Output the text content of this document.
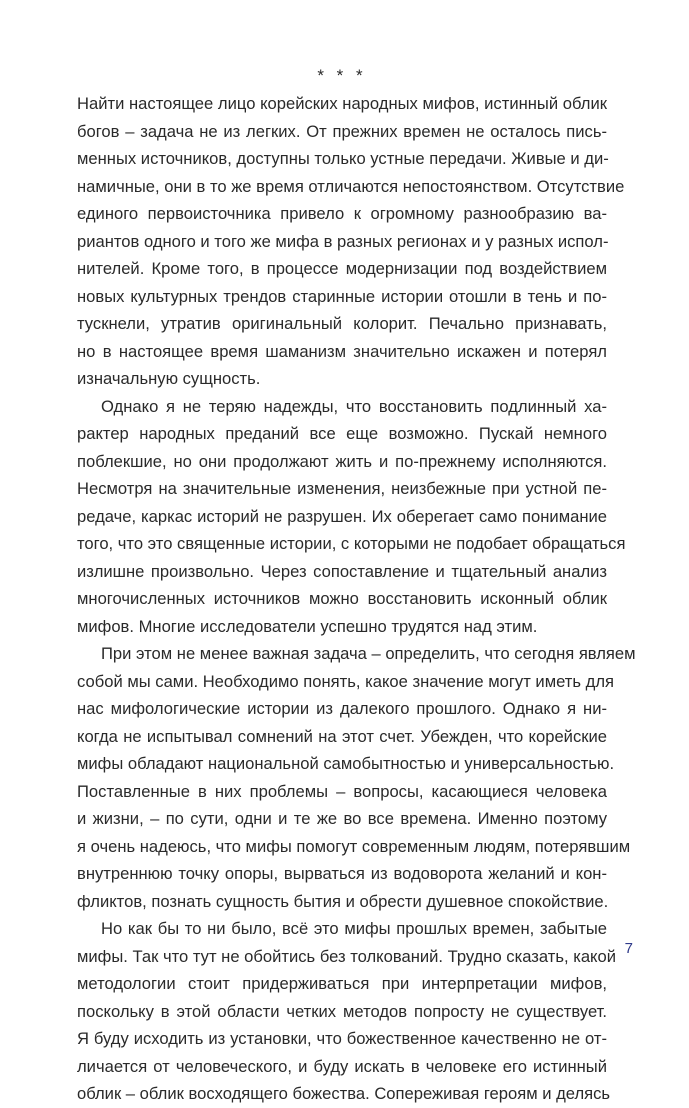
* * *
Найти настоящее лицо корейских народных мифов, истинный облик
богов – задача не из легких. От прежних времен не осталось пись-
менных источников, доступны только устные передачи. Живые и ди-
намичные, они в то же время отличаются непостоянством. Отсутствие
единого первоисточника привело к огромному разнообразию ва-
риантов одного и того же мифа в разных регионах и у разных испол-
нителей. Кроме того, в процессе модернизации под воздействием
новых культурных трендов старинные истории отошли в тень и по-
тускнели, утратив оригинальный колорит. Печально признавать,
но в настоящее время шаманизм значительно искажен и потерял
изначальную сущность.
Однако я не теряю надежды, что восстановить подлинный ха-
рактер народных преданий все еще возможно. Пускай немного
поблекшие, но они продолжают жить и по-прежнему исполняются.
Несмотря на значительные изменения, неизбежные при устной пе-
редаче, каркас историй не разрушен. Их оберегает само понимание
того, что это священные истории, с которыми не подобает обращаться
излишне произвольно. Через сопоставление и тщательный анализ
многочисленных источников можно восстановить исконный облик
мифов. Многие исследователи успешно трудятся над этим.
При этом не менее важная задача – определить, что сегодня являем
собой мы сами. Необходимо понять, какое значение могут иметь для
нас мифологические истории из далекого прошлого. Однако я ни-
когда не испытывал сомнений на этот счет. Убежден, что корейские
мифы обладают национальной самобытностью и универсальностью.
Поставленные в них проблемы – вопросы, касающиеся человека
и жизни, – по сути, одни и те же во все времена. Именно поэтому
я очень надеюсь, что мифы помогут современным людям, потерявшим
внутреннюю точку опоры, вырваться из водоворота желаний и кон-
фликтов, познать сущность бытия и обрести душевное спокойствие.
Но как бы то ни было, всё это мифы прошлых времен, забытые
мифы. Так что тут не обойтись без толкований. Трудно сказать, какой
методологии стоит придерживаться при интерпретации мифов,
поскольку в этой области четких методов попросту не существует.
Я буду исходить из установки, что божественное качественно не от-
личается от человеческого, и буду искать в человеке его истинный
облик – облик восходящего божества. Сопереживая героям и делясь
7
